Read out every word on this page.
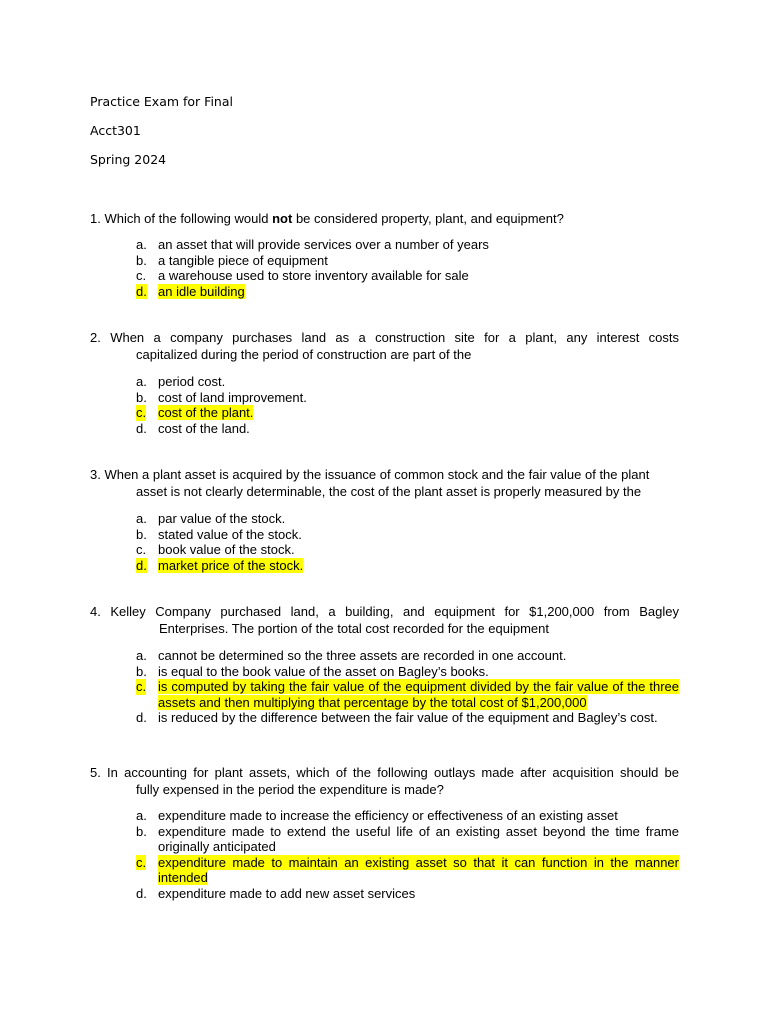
Practice Exam for Final
Acct301
Spring 2024
1. Which of the following would not be considered property, plant, and equipment?
a. an asset that will provide services over a number of years
b. a tangible piece of equipment
c. a warehouse used to store inventory available for sale
d. an idle building
2. When a company purchases land as a construction site for a plant, any interest costs
capitalized during the period of construction are part of the
a. period cost.
b. cost of land improvement.
c. cost of the plant.
d. cost of the land.
3. When a plant asset is acquired by the issuance of common stock and the fair value of the plant
asset is not clearly determinable, the cost of the plant asset is properly measured by the
a. par value of the stock.
b. stated value of the stock.
c. book value of the stock.
d. market price of the stock.
4. Kelley Company purchased land, a building, and equipment for $1,200,000 from Bagley
Enterprises. The portion of the total cost recorded for the equipment
a. cannot be determined so the three assets are recorded in one account.
b. is equal to the book value of the asset on Bagley’s books.
c. is computed by taking the fair value of the equipment divided by the fair value of the three assets and then multiplying that percentage by the total cost of $1,200,000
d. is reduced by the difference between the fair value of the equipment and Bagley’s cost.
5. In accounting for plant assets, which of the following outlays made after acquisition should be
fully expensed in the period the expenditure is made?
a. expenditure made to increase the efficiency or effectiveness of an existing asset
b. expenditure made to extend the useful life of an existing asset beyond the time frame originally anticipated
c. expenditure made to maintain an existing asset so that it can function in the manner intended
d. expenditure made to add new asset services
